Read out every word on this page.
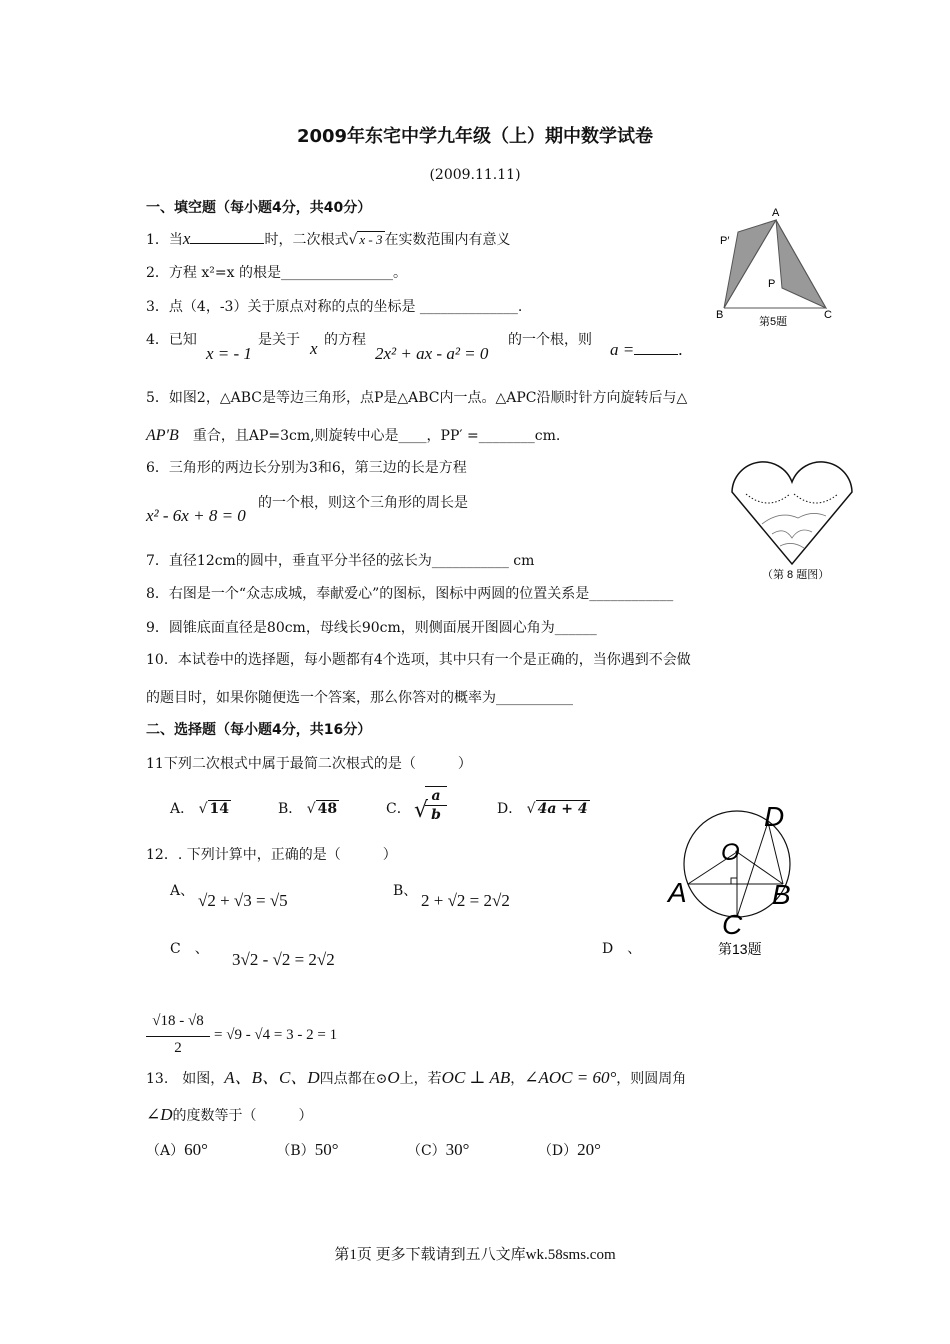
2009年东宅中学九年级（上）期中数学试卷
(2009.11.11)
一、填空题（每小题4分，共40分）
1．当x	时，二次根式√ x - 3 在实数范围内有意义
2．方程 x²=x 的根是________________。
3．点（4，-3）关于原点对称的点的坐标是 ______________.
4．已知
x = - 1
是关于 x 的方程
2x² + ax - a² = 0
的一个根，则 a =	.
5．如图2，△ABC是等边三角形，点P是△ABC内一点。△APC沿顺时针方向旋转后与△
AP′B　 重合，且AP=3cm,则旋转中心是____，PP′ =________cm.
6．三角形的两边长分别为3和6，第三边的长是方程
x² - 6x + 8 = 0
的一个根，则这个三角形的周长是
7．直径12cm的圆中，垂直平分半径的弦长为___________ cm
8．右图是一个“众志成城，奉献爱心”的图标，图标中两圆的位置关系是____________
9．圆锥底面直径是80cm，母线长90cm，则侧面展开图圆心角为______
10．本试卷中的选择题，每小题都有4个选项，其中只有一个是正确的，当你遇到不会做
的题目时，如果你随便选一个答案，那么你答对的概率为___________
二、选择题（每小题4分，共16分）
11下列二次根式中属于最简二次根式的是（　　　）
A． √ 14	B． √ 48	C． √
a
b	D． √ 4a + 4
12．. 下列计算中，正确的是（　　　）
A、 √2 + √3 = √5	B、 2 + √2 = 2√2
C　、
3√2 - √2 = 2√2
D　、
√18 - √8
2
= √9 - √4 = 3 - 2 = 1
13.　如图，A、B、C、D四点都在⊙O上，若OC ⊥ AB，∠AOC = 60°，则圆周角
∠D的度数等于（　　　）
（A）60°	（B）50°	（C）30°	（D）20°
A
P′
P
B	C
第5题
（第 8 题图）
D
O
A	B
C
第13题
第1页 更多下载请到五八文库wk.58sms.com
